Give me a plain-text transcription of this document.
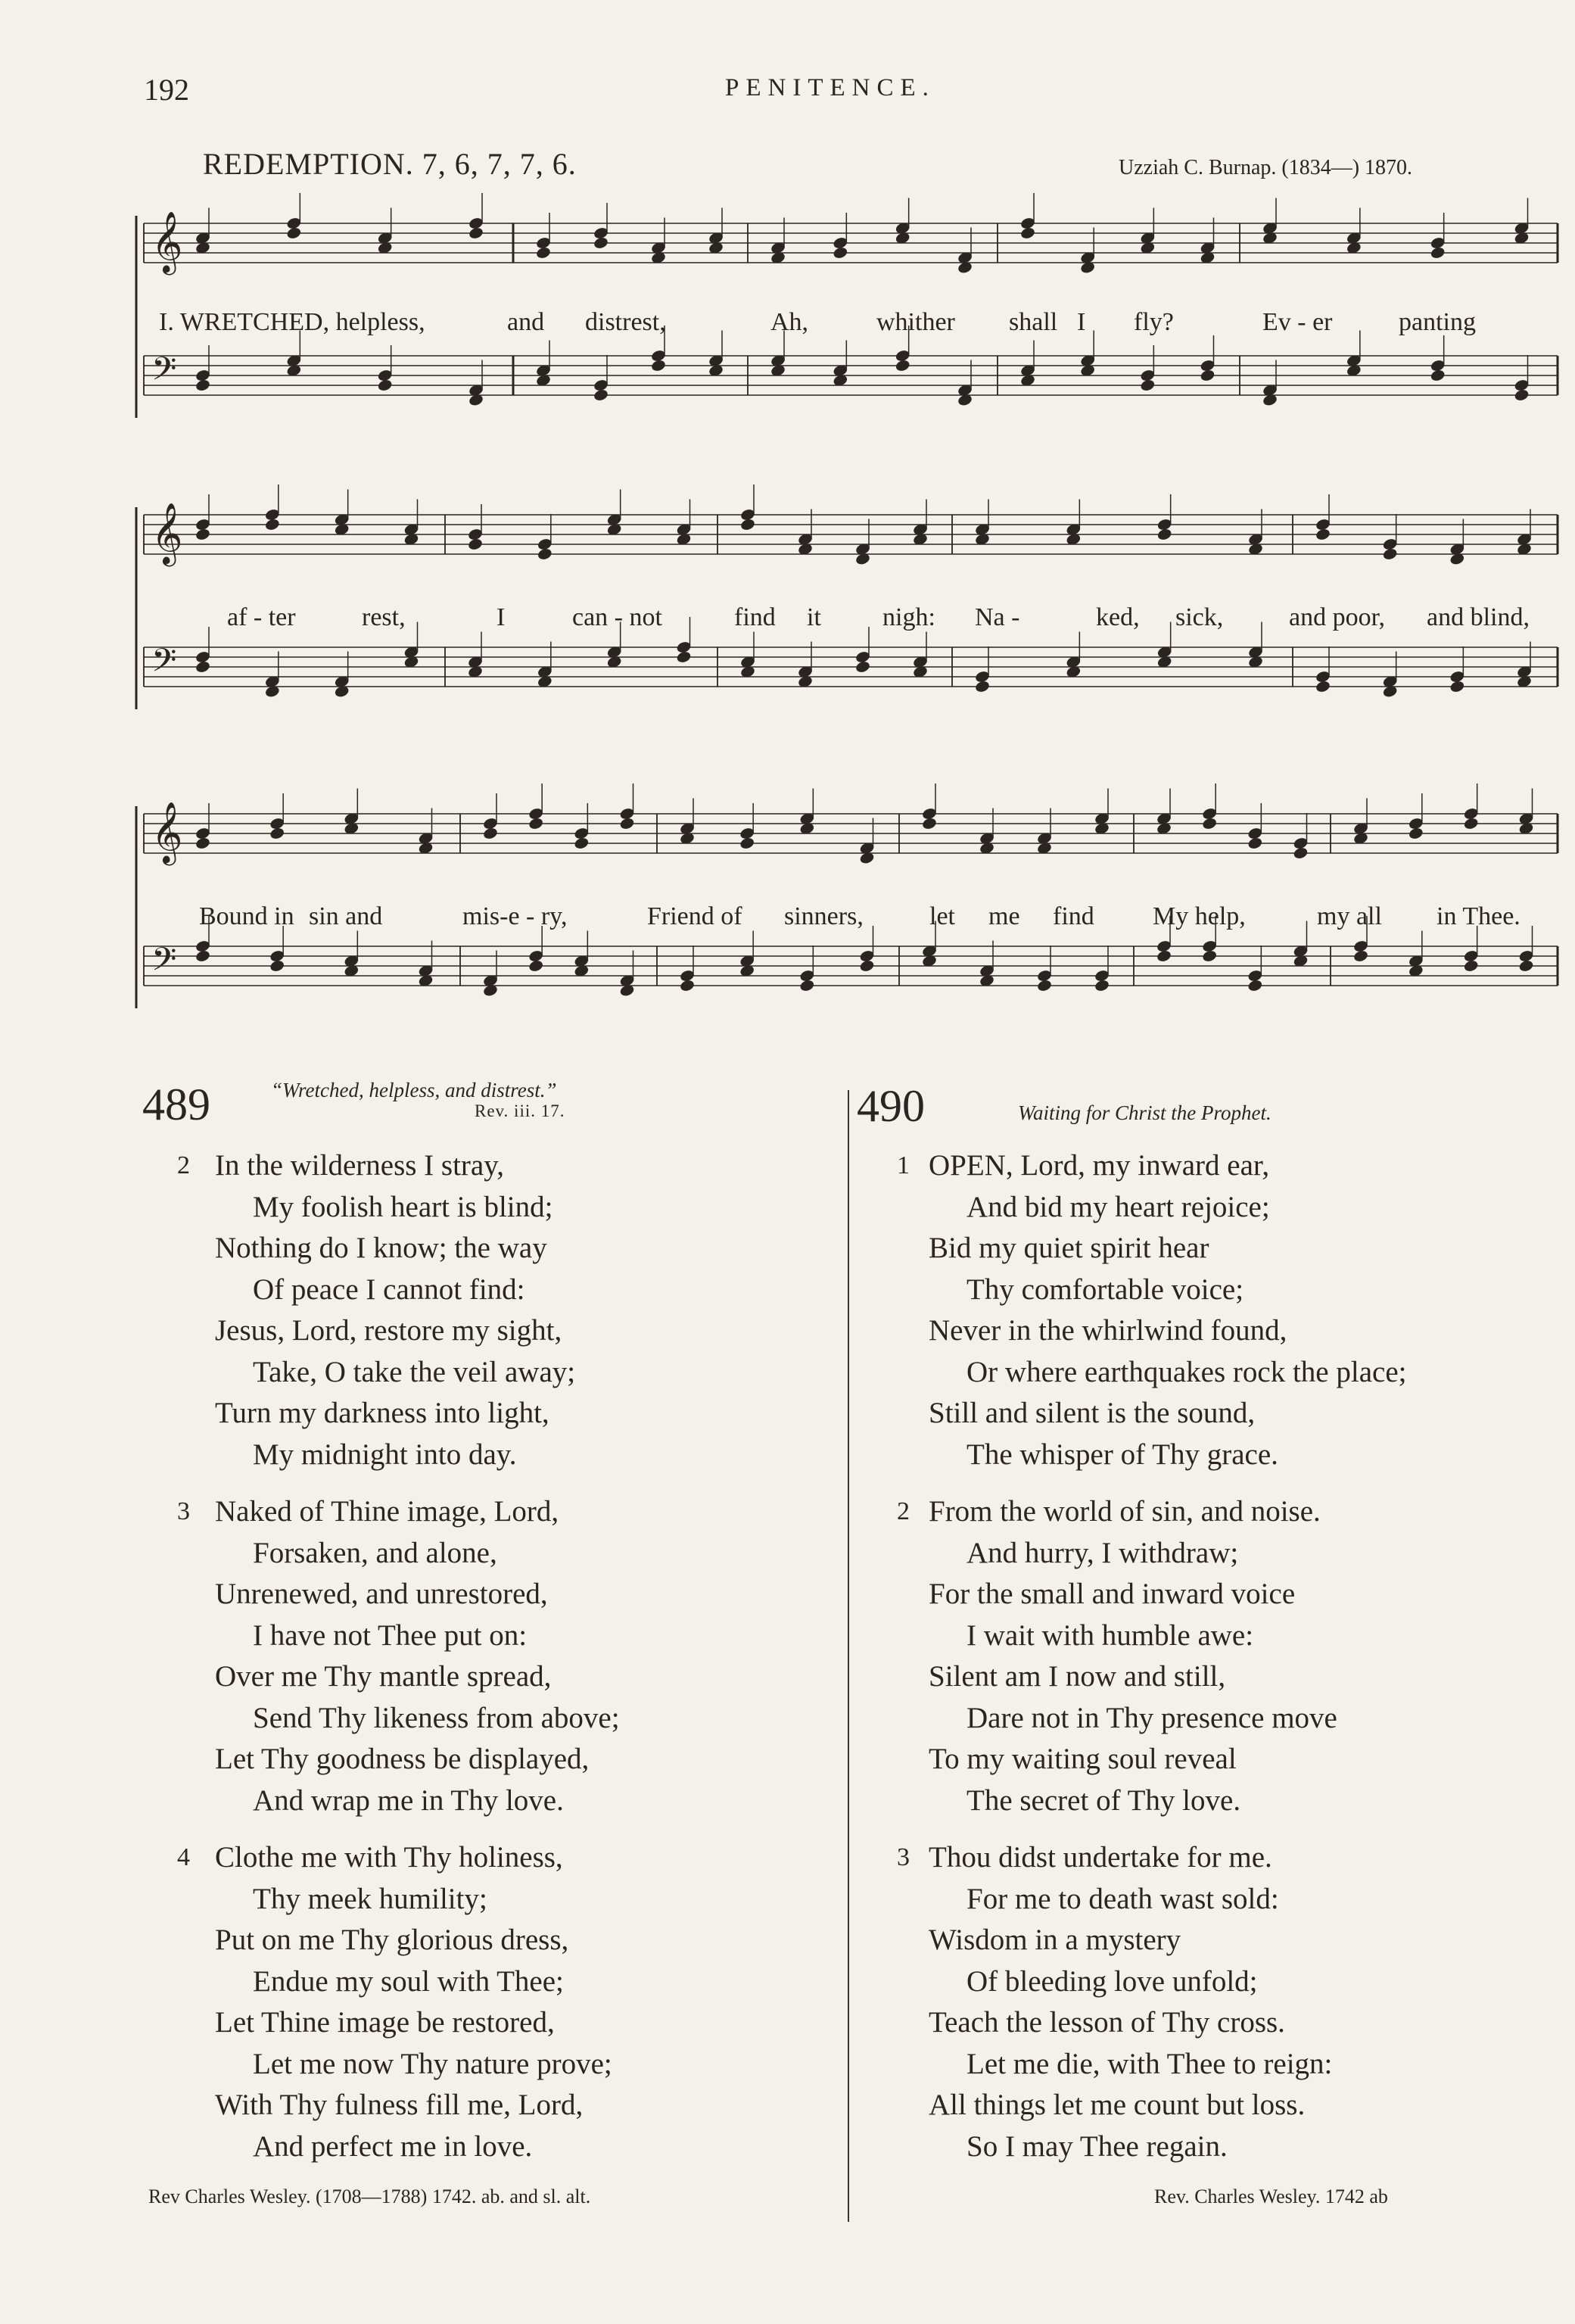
192	PENITENCE.
REDEMPTION. 7, 6, 7, 7, 6.	Uzziah C. Burnap. (1834—) 1870.
𝄞
𝄢
I. WRETCHED, helpless,	and distrest,	Ah,	whither shall I fly?	Ev - er	panting
𝄞
𝄢
af - ter	rest,	I	can - not	find it nigh: Na -	ked, sick,	and poor, and blind,
𝄞
𝄢
Bound in sin and	mis-e - ry,	Friend of sinners,	let me find My help,	my all in Thee.
489	“Wretched, helpless, and distrest.”
Rev. iii. 17.
2 In the wilderness I stray,
My foolish heart is blind;
Nothing do I know; the way
Of peace I cannot find:
Jesus, Lord, restore my sight,
Take, O take the veil away;
Turn my darkness into light,
My midnight into day.
3 Naked of Thine image, Lord,
Forsaken, and alone,
Unrenewed, and unrestored,
I have not Thee put on:
Over me Thy mantle spread,
Send Thy likeness from above;
Let Thy goodness be displayed,
And wrap me in Thy love.
4 Clothe me with Thy holiness,
Thy meek humility;
Put on me Thy glorious dress,
Endue my soul with Thee;
Let Thine image be restored,
Let me now Thy nature prove;
With Thy fulness fill me, Lord,
And perfect me in love.
Rev Charles Wesley. (1708—1788) 1742. ab. and sl. alt.
490	Waiting for Christ the Prophet.
1 OPEN, Lord, my inward ear,
And bid my heart rejoice;
Bid my quiet spirit hear
Thy comfortable voice;
Never in the whirlwind found,
Or where earthquakes rock the place;
Still and silent is the sound,
The whisper of Thy grace.
2 From the world of sin, and noise.
And hurry, I withdraw;
For the small and inward voice
I wait with humble awe:
Silent am I now and still,
Dare not in Thy presence move
To my waiting soul reveal
The secret of Thy love.
3 Thou didst undertake for me.
For me to death wast sold:
Wisdom in a mystery
Of bleeding love unfold;
Teach the lesson of Thy cross.
Let me die, with Thee to reign:
All things let me count but loss.
So I may Thee regain.
Rev. Charles Wesley. 1742 ab
